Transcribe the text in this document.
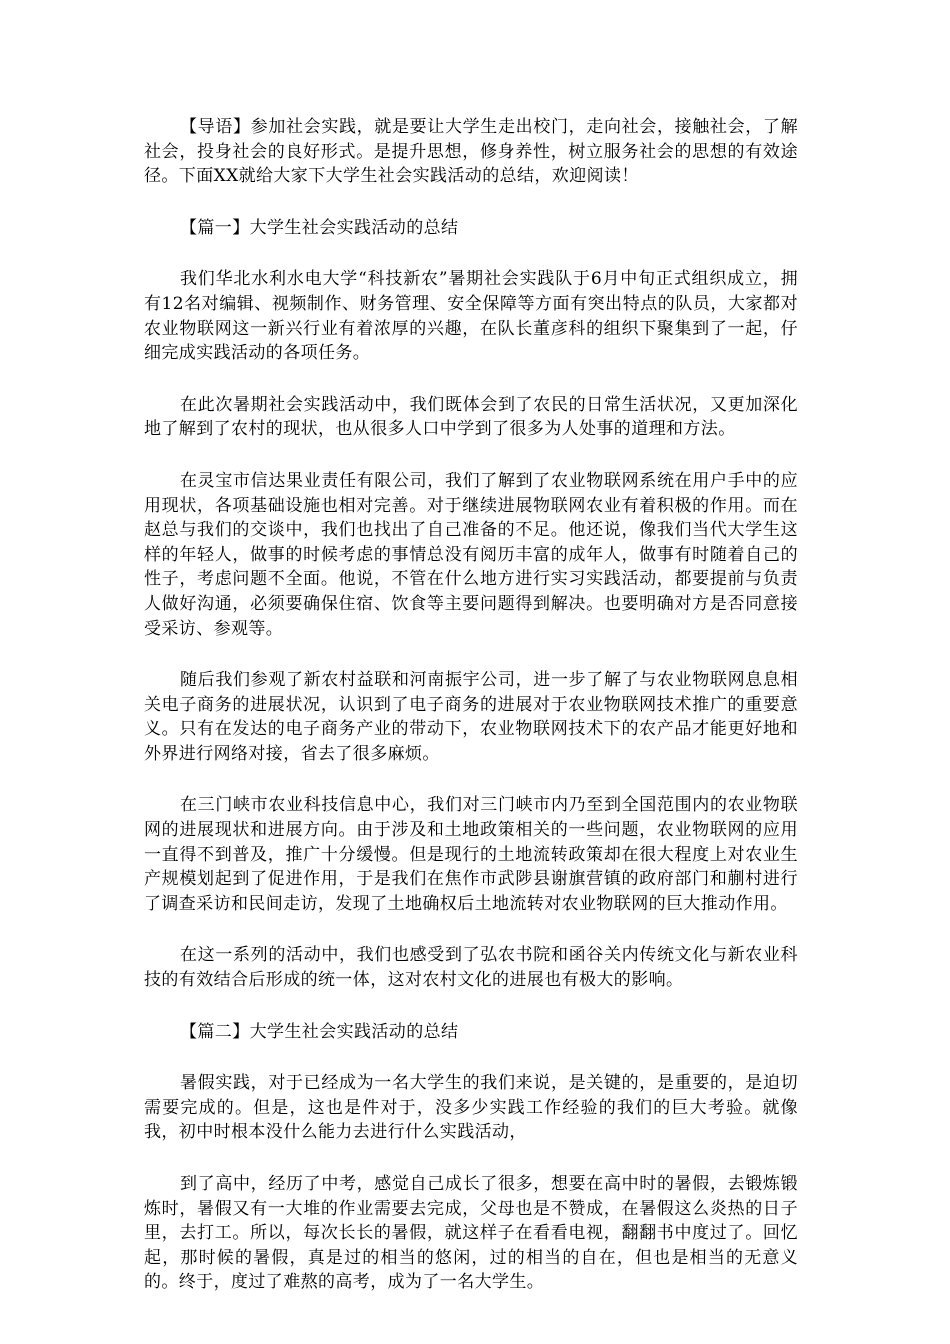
【导语】参加社会实践，就是要让大学生走出校门，走向社会，接触社会，了解社会，投身社会的良好形式。是提升思想，修身养性，树立服务社会的思想的有效途径。下面XX就给大家下大学生社会实践活动的总结，欢迎阅读！

【篇一】大学生社会实践活动的总结

我们华北水利水电大学“科技新农”暑期社会实践队于6月中旬正式组织成立，拥有12名对编辑、视频制作、财务管理、安全保障等方面有突出特点的队员，大家都对农业物联网这一新兴行业有着浓厚的兴趣，在队长董彦科的组织下聚集到了一起，仔细完成实践活动的各项任务。

在此次暑期社会实践活动中，我们既体会到了农民的日常生活状况，又更加深化地了解到了农村的现状，也从很多人口中学到了很多为人处事的道理和方法。

在灵宝市信达果业责任有限公司，我们了解到了农业物联网系统在用户手中的应用现状，各项基础设施也相对完善。对于继续进展物联网农业有着积极的作用。而在赵总与我们的交谈中，我们也找出了自己准备的不足。他还说，像我们当代大学生这样的年轻人，做事的时候考虑的事情总没有阅历丰富的成年人，做事有时随着自己的性子，考虑问题不全面。他说，不管在什么地方进行实习实践活动，都要提前与负责人做好沟通，必须要确保住宿、饮食等主要问题得到解决。也要明确对方是否同意接受采访、参观等。

随后我们参观了新农村益联和河南振宇公司，进一步了解了与农业物联网息息相关电子商务的进展状况，认识到了电子商务的进展对于农业物联网技术推广的重要意义。只有在发达的电子商务产业的带动下，农业物联网技术下的农产品才能更好地和外界进行网络对接，省去了很多麻烦。

在三门峡市农业科技信息中心，我们对三门峡市内乃至到全国范围内的农业物联网的进展现状和进展方向。由于涉及和土地政策相关的一些问题，农业物联网的应用一直得不到普及，推广十分缓慢。但是现行的土地流转政策却在很大程度上对农业生产规模划起到了促进作用，于是我们在焦作市武陟县谢旗营镇的政府部门和蒯村进行了调查采访和民间走访，发现了土地确权后土地流转对农业物联网的巨大推动作用。

在这一系列的活动中，我们也感受到了弘农书院和函谷关内传统文化与新农业科技的有效结合后形成的统一体，这对农村文化的进展也有极大的影响。

【篇二】大学生社会实践活动的总结

暑假实践，对于已经成为一名大学生的我们来说，是关键的，是重要的，是迫切需要完成的。但是，这也是件对于，没多少实践工作经验的我们的巨大考验。就像我，初中时根本没什么能力去进行什么实践活动，

到了高中，经历了中考，感觉自己成长了很多，想要在高中时的暑假，去锻炼锻炼时，暑假又有一大堆的作业需要去完成，父母也是不赞成，在暑假这么炎热的日子里，去打工。所以，每次长长的暑假，就这样子在看看电视，翻翻书中度过了。回忆起，那时候的暑假，真是过的相当的悠闲，过的相当的自在，但也是相当的无意义的。终于，度过了难熬的高考，成为了一名大学生。
